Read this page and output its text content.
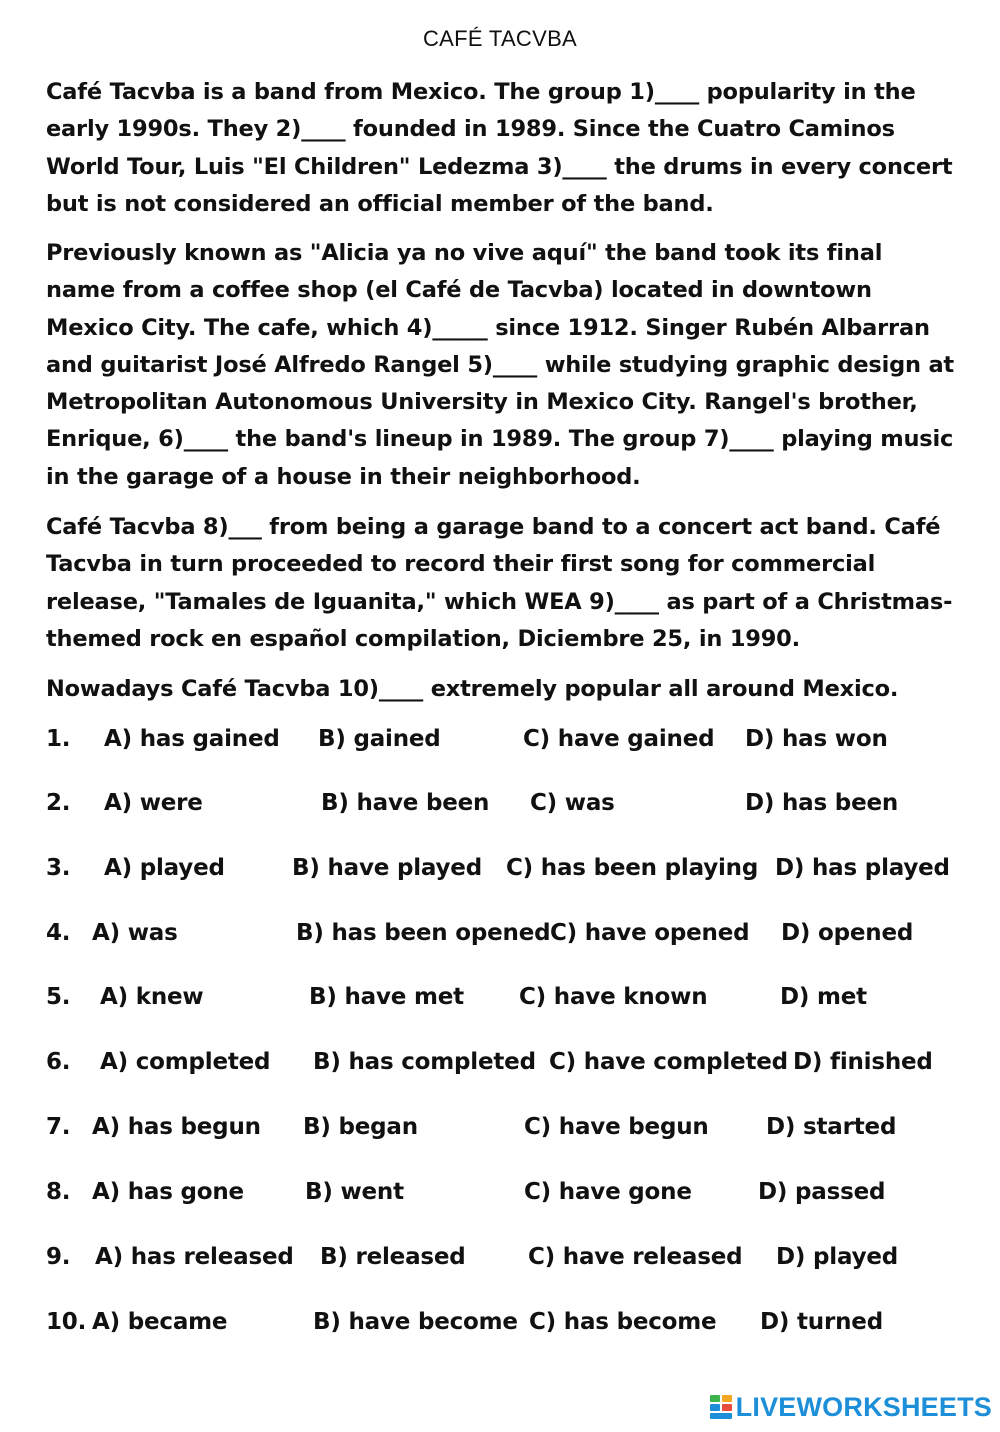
CAFÉ TACVBA

Café Tacvba is a band from Mexico. The group 1)____ popularity in the early 1990s. They 2)____ founded in 1989. Since the Cuatro Caminos World Tour, Luis "El Children" Ledezma 3)____ the drums in every concert but is not considered an official member of the band.

Previously known as "Alicia ya no vive aquí" the band took its final name from a coffee shop (el Café de Tacvba) located in downtown Mexico City. The cafe, which 4)_____ since 1912. Singer Rubén Albarran and guitarist José Alfredo Rangel 5)____ while studying graphic design at Metropolitan Autonomous University in Mexico City. Rangel's brother, Enrique, 6)____ the band's lineup in 1989. The group 7)____ playing music in the garage of a house in their neighborhood.

Café Tacvba 8)___ from being a garage band to a concert act band. Café Tacvba in turn proceeded to record their first song for commercial release, "Tamales de Iguanita," which WEA 9)____ as part of a Christmas-themed rock en español compilation, Diciembre 25, in 1990.

Nowadays Café Tacvba 10)____ extremely popular all around Mexico.

1. A) has gained B) gained	C) have gained D) has won
2. A) were	B) have been C) was	D) has been
3. A) played	B) have played C) has been playing D) has played
4. A) was	B) has been opened C) have opened D) opened
5. A) knew	B) have met C) have known	D) met
6. A) completed B) has completed C) have completed D) finished
7. A) has begun B) began	C) have begun D) started
8. A) has gone	B) went	C) have gone	D) passed
9. A) has released B) released	C) have released D) played
10. A) became	B) have become C) has become D) turned
LIVEWORKSHEETS
